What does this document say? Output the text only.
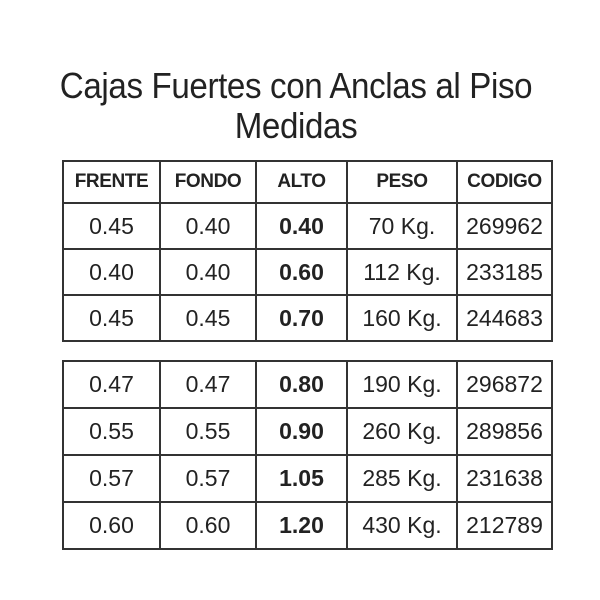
Cajas Fuertes con Anclas al Piso
Medidas
FRENTE	FONDO	ALTO	PESO	CODIGO
0.45	0.40	0.40	70 Kg.	269962
0.40	0.40	0.60	112 Kg.	233185
0.45	0.45	0.70	160 Kg.	244683
0.47	0.47	0.80	190 Kg.	296872
0.55	0.55	0.90	260 Kg.	289856
0.57	0.57	1.05	285 Kg.	231638
0.60	0.60	1.20	430 Kg.	212789
